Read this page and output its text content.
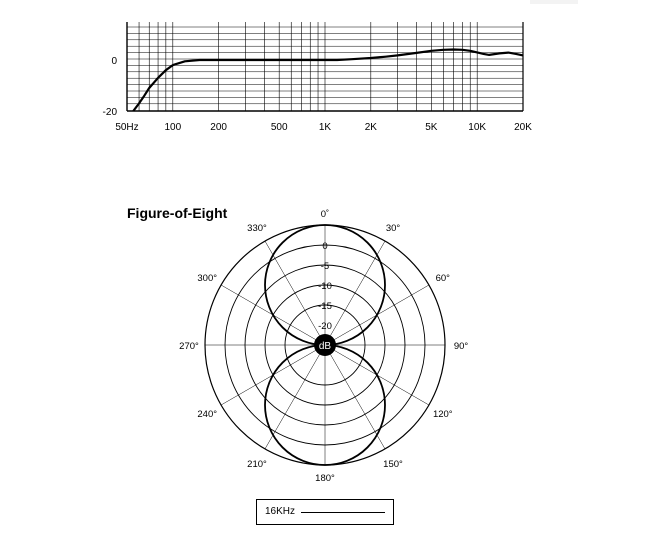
50Hz	100	200	500	1K	2K	5K	10K	20K
0
-20
0
-5
-10
-15
-20
0˚
30°
60°
90°
120°
150°
180°
210°
240°
270°
300°
330°
dB
Figure-of-Eight
16KHz
